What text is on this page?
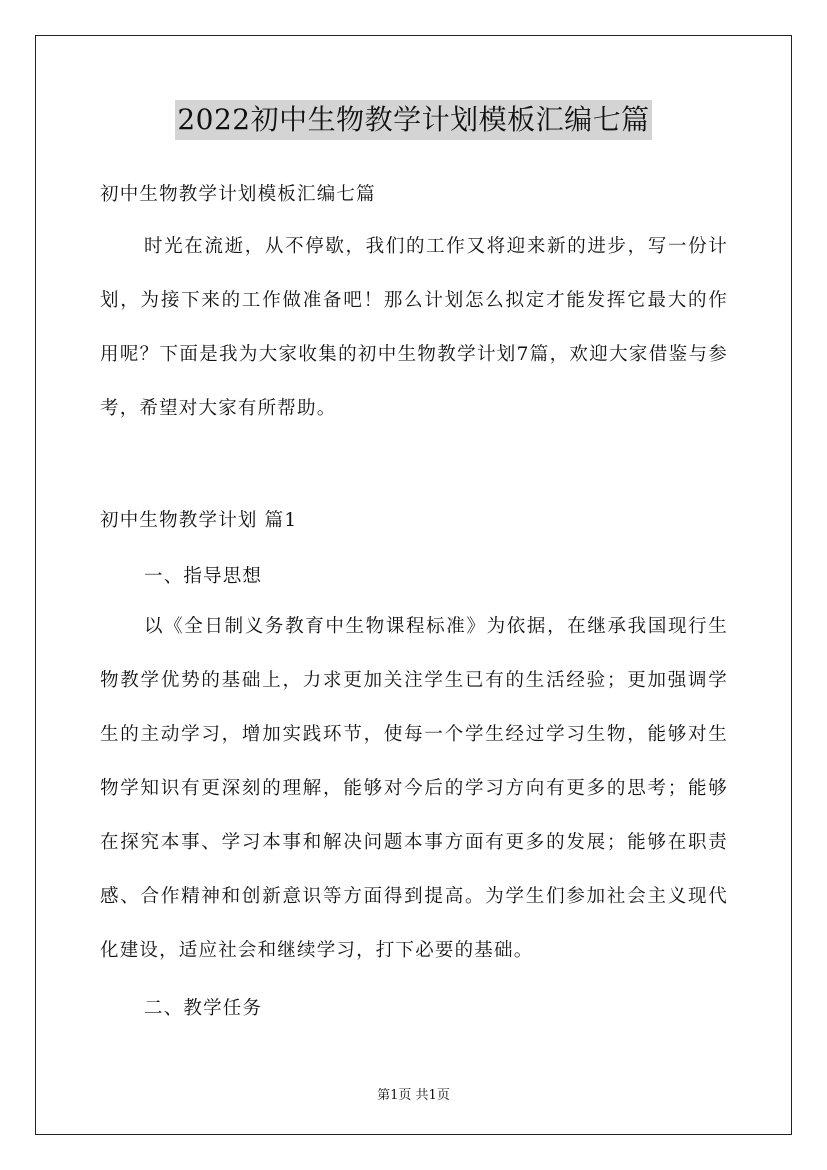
2022初中生物教学计划模板汇编七篇
初中生物教学计划模板汇编七篇
时光在流逝，从不停歇，我们的工作又将迎来新的进步，写一份计划，为接下来的工作做准备吧！那么计划怎么拟定才能发挥它最大的作用呢？下面是我为大家收集的初中生物教学计划7篇，欢迎大家借鉴与参考，希望对大家有所帮助。
初中生物教学计划 篇1
一、指导思想
以《全日制义务教育中生物课程标准》为依据，在继承我国现行生物教学优势的基础上，力求更加关注学生已有的生活经验；更加强调学生的主动学习，增加实践环节，使每一个学生经过学习生物，能够对生物学知识有更深刻的理解，能够对今后的学习方向有更多的思考；能够在探究本事、学习本事和解决问题本事方面有更多的发展；能够在职责感、合作精神和创新意识等方面得到提高。为学生们参加社会主义现代化建设，适应社会和继续学习，打下必要的基础。
二、教学任务
第1页 共1页
